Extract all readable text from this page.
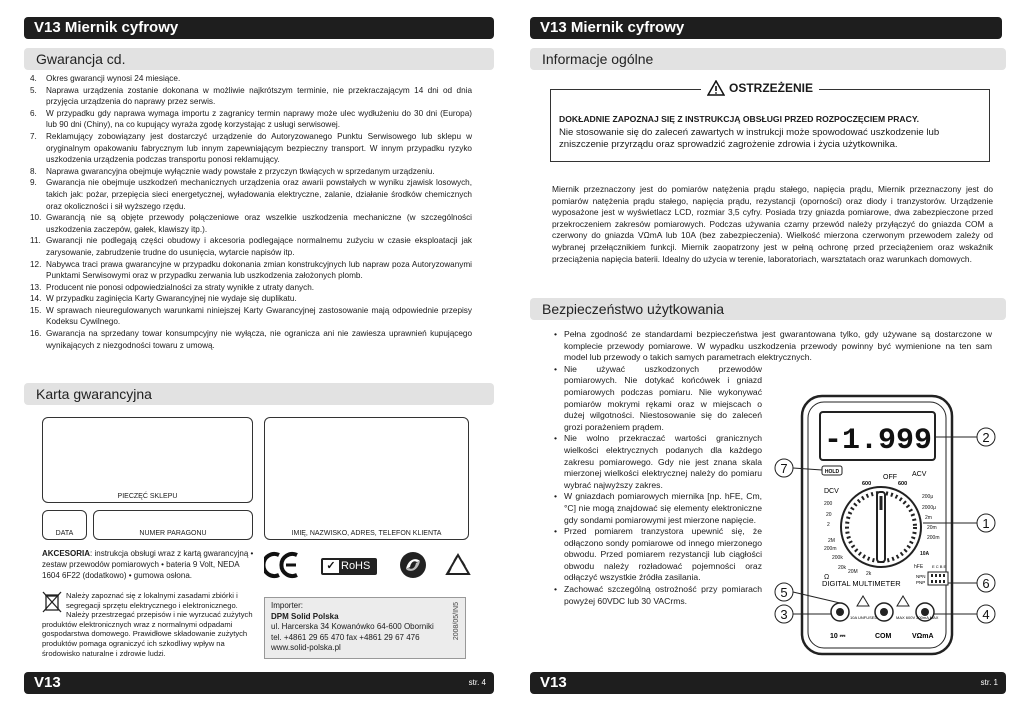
V13 Miernik cyfrowy
Gwarancja cd.
4. Okres gwarancji wynosi 24 miesiące.
5. Naprawa urządzenia zostanie dokonana w możliwie najkrótszym terminie, nie przekraczającym 14 dni od dnia przyjęcia urządzenia do naprawy przez serwis.
6. W przypadku gdy naprawa wymaga importu z zagranicy termin naprawy może ulec wydłużeniu do 30 dni (Europa) lub 90 dni (Chiny), na co kupujący wyraża zgodę korzystając z usługi serwisowej.
7. Reklamujący zobowiązany jest dostarczyć urządzenie do Autoryzowanego Punktu Serwisowego lub sklepu w oryginalnym opakowaniu fabrycznym lub innym zapewniającym bezpieczny transport. W innym przypadku ryzyko uszkodzenia urządzenia podczas transportu ponosi reklamujący.
8. Naprawa gwarancyjna obejmuje wyłącznie wady powstałe z przyczyn tkwiących w sprzedanym urządzeniu.
9. Gwarancja nie obejmuje uszkodzeń mechanicznych urządzenia oraz awarii powstałych w wyniku zjawisk losowych, takich jak: pożar, przepięcia sieci energetycznej, wyładowania elektryczne, zalanie, działanie środków chemicznych oraz okoliczności i sił wyższego rzędu.
10. Gwarancją nie są objęte przewody połączeniowe oraz wszelkie uszkodzenia mechaniczne (w szczególności uszkodzenia zaczepów, gałek, klawiszy itp.).
11. Gwarancji nie podlegają części obudowy i akcesoria podlegające normalnemu zużyciu w czasie eksploatacji jak zarysowanie, zabrudzenie trudne do usunięcia, wytarcie napisów itp.
12. Nabywca traci prawa gwarancyjne w przypadku dokonania zmian konstrukcyjnych lub napraw poza Autoryzowanymi Punktami Serwisowymi oraz w przypadku zerwania lub uszkodzenia założonych plomb.
13. Producent nie ponosi odpowiedzialności za straty wynikłe z utraty danych.
14. W przypadku zaginięcia Karty Gwarancyjnej nie wydaje się duplikatu.
15. W sprawach nieuregulowanych warunkami niniejszej Karty Gwarancyjnej zastosowanie mają odpowiednie przepisy Kodeksu Cywilnego.
16. Gwarancja na sprzedany towar konsumpcyjny nie wyłącza, nie ogranicza ani nie zawiesza uprawnień kupującego wynikających z niezgodności towaru z umową.
Karta gwarancyjna
PIECZĘĆ SKLEPU
DATA	NUMER PARAGONU	IMIĘ, NAZWISKO, ADRES, TELEFON KLIENTA
AKCESORIA: instrukcja obsługi wraz z kartą gwarancyjną • zestaw przewodów pomiarowych • bateria 9 Volt, NEDA 1604 6F22 (dodatkowo) • gumowa osłona.
✓ RoHS
Należy zapoznać się z lokalnymi zasadami zbiórki i segregacji sprzętu elektrycznego i elektronicznego. Należy przestrzegać przepisów i nie wyrzucać zużytych produktów elektronicznych wraz z normalnymi odpadami gospodarstwa domowego. Prawidłowe składowanie zużytych produktów pomaga ograniczyć ich szkodliwy wpływ na środowisko naturalne i zdrowie ludzi.
Importer:
DPM Solid Polska
ul. Harcerska 34 Kowanówko 64-600 Oborniki
tel. +4861 29 65 470 fax +4861 29 67 476
www.solid-polska.pl
2008/05/IN5
V13	str. 4
V13 Miernik cyfrowy
Informacje ogólne
OSTRZEŻENIE
DOKŁADNIE ZAPOZNAJ SIĘ Z INSTRUKCJĄ OBSŁUGI PRZED ROZPOCZĘCIEM PRACY.
Nie stosowanie się do zaleceń zawartych w instrukcji może spowodować uszkodzenie lub zniszczenie przyrządu oraz sprowadzić zagrożenie zdrowia i życia użytkownika.
Miernik przeznaczony jest do pomiarów natężenia prądu stałego, napięcia prądu, Miernik przeznaczony jest do pomiarów natężenia prądu stałego, napięcia prądu, rezystancji (oporności) oraz diody i tranzystorów. Urządzenie wyposażone jest w wyświetlacz LCD, rozmiar 3,5 cyfry. Posiada trzy gniazda pomiarowe, dwa zabezpieczone przed przekroczeniem zakresów pomiarowych. Podczas używania czarny przewód należy przyłączyć do gniazda COM a czerwony do gniazda VΩmA lub 10A (bez zabezpieczenia). Wielkość mierzona czerwonym przewodem zależy od wybranej przełącznikiem funkcji. Miernik zaopatrzony jest w pełną ochronę przed przeciążeniem oraz wskaźnik przeciążenia napięcia baterii. Idealny do użycia w terenie, laboratoriach, warsztatach oraz warunkach domowych.
Bezpieczeństwo użytkowania
• Pełna zgodność ze standardami bezpieczeństwa jest gwarantowana tylko, gdy używane są dostarczone w komplecie przewody pomiarowe. W wypadku uszkodzenia przewody powinny być wymienione na ten sam model lub przewody o takich samych parametrach elektrycznych.
• Nie używać uszkodzonych przewodów pomiarowych. Nie dotykać końcówek i gniazd pomiarowych podczas pomiaru. Nie wykonywać pomiarów mokrymi rękami oraz w miejscach o dużej wilgotności. Niestosowanie się do zaleceń grozi porażeniem prądem.
• Nie wolno przekraczać wartości granicznych wielkości elektrycznych podanych dla każdego zakresu pomiarowego. Gdy nie jest znana skala mierzonej wielkości elektrycznej należy do pomiaru wybrać najwyższy zakres.
• W gniazdach pomiarowych miernika [np. hFE, Cm, °C] nie mogą znajdować się elementy elektroniczne gdy sondami pomiarowymi jest mierzone napięcie.
• Przed pomiarem tranzystora upewnić się, że odłączono sondy pomiarowe od innego mierzonego obwodu. Przed pomiarem rezystancji lub ciągłości obwodu należy rozładować pojemności oraz odłączyć wszystkie źródła zasilania.
• Zachować szczególną ostrożność przy pomiarach powyżej 60VDC lub 30 VACrms.
-1.999
HOLD
OFF ACV
DCV
600	600
200
20
2
200m
2000μ
200μ
20m
2m
200m
10A
2k
20k
200k
2M
20M
Ω
hFE E C B E
NPN
PNP
DIGITAL MULTIMETER
10A UNFUSED	MAX 600V 200mA MAX
10 ⎓	COM	VΩmA
2
1
6
4
7
5
3
V13	str. 1
